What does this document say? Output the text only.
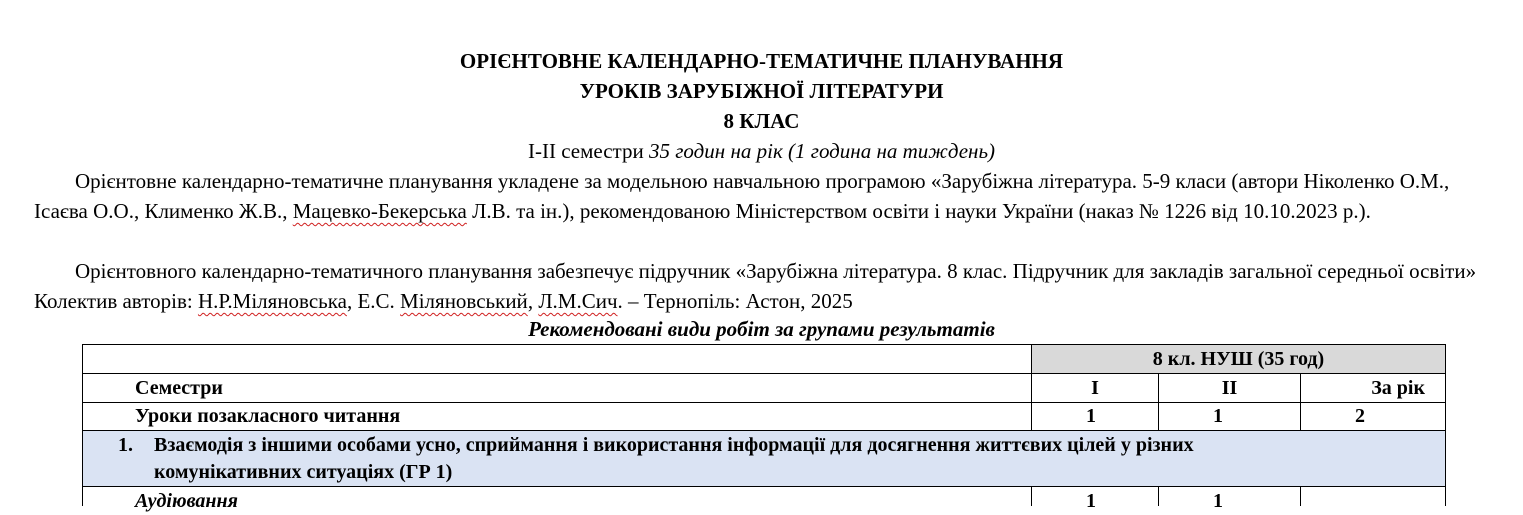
ОРІЄНТОВНЕ КАЛЕНДАРНО-ТЕМАТИЧНЕ ПЛАНУВАННЯ
УРОКІВ ЗАРУБІЖНОЇ ЛІТЕРАТУРИ
8 КЛАС
І-ІІ семестри 35 годин на рік (1 година на тиждень)
Орієнтовне календарно-тематичне планування укладене за модельною навчальною програмою «Зарубіжна література. 5-9 класи (автори Ніколенко О.М., Ісаєва О.О., Клименко Ж.В., Мацевко-Бекерська Л.В. та ін.), рекомендованою Міністерством освіти і науки України (наказ № 1226 від 10.10.2023 р.).
Орієнтовного календарно-тематичного планування забезпечує підручник «Зарубіжна література. 8 клас. Підручник для закладів загальної середньої освіти» Колектив авторів: Н.Р.Міляновська, Е.С. Міляновський, Л.М.Сич. – Тернопіль: Астон, 2025
Рекомендовані види робіт за групами результатів
8 кл. НУШ (35 год)
Семестри	I	II	За рік
Уроки позакласного читання	1	1	2
1. Взаємодія з іншими особами усно, сприймання і використання інформації для досягнення життєвих цілей у різних
комунікативних ситуаціях (ГР 1)
Аудіювання	1	1
